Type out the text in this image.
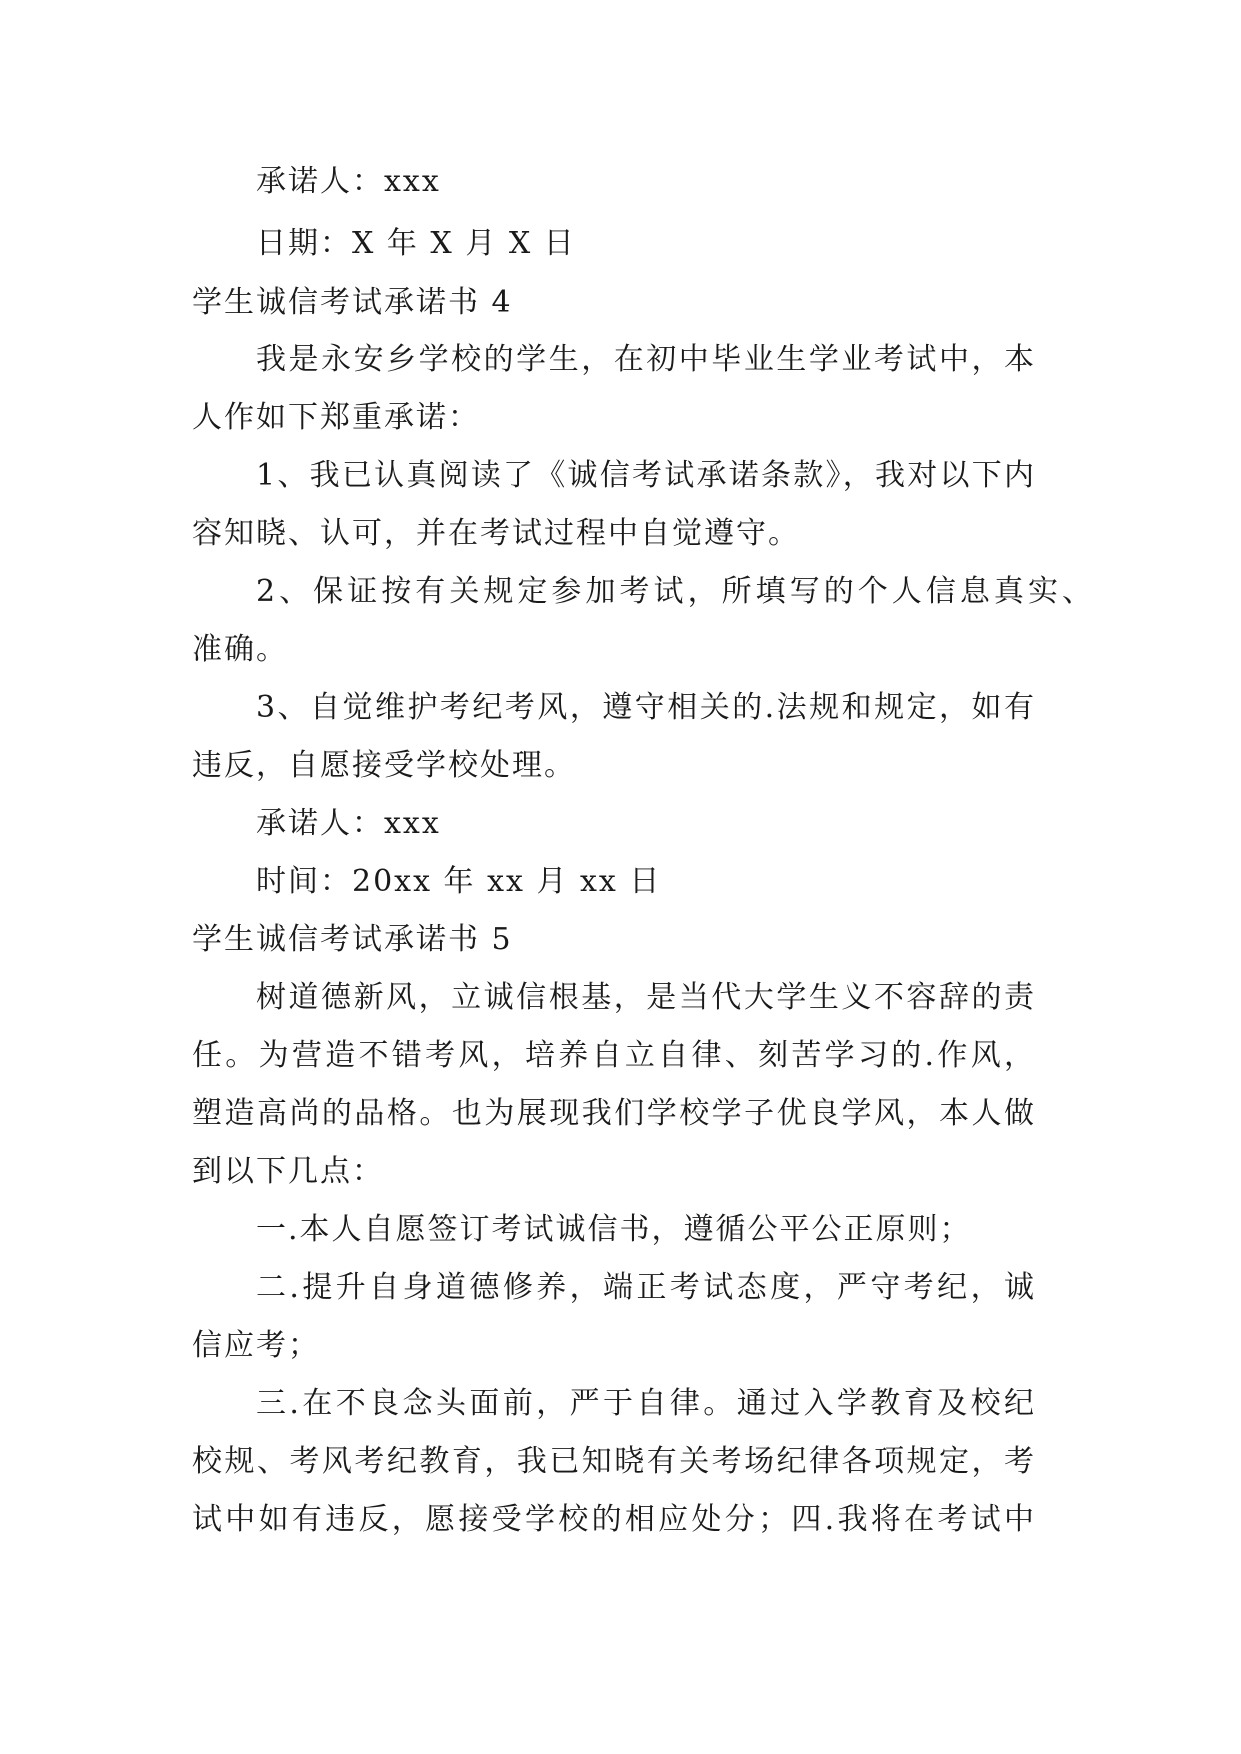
承诺人：xxx

日期：X 年 X 月 X 日

学生诚信考试承诺书 4

我是永安乡学校的学生，在初中毕业生学业考试中，本

人作如下郑重承诺：

1、我已认真阅读了《诚信考试承诺条款》，我对以下内

容知晓、认可，并在考试过程中自觉遵守。

2、保证按有关规定参加考试，所填写的个人信息真实、

准确。

3、自觉维护考纪考风，遵守相关的.法规和规定，如有

违反，自愿接受学校处理。

承诺人：xxx

时间：20xx 年 xx 月 xx 日

学生诚信考试承诺书 5

树道德新风，立诚信根基，是当代大学生义不容辞的责

任。为营造不错考风，培养自立自律、刻苦学习的.作风，

塑造高尚的品格。也为展现我们学校学子优良学风，本人做

到以下几点：

一.本人自愿签订考试诚信书，遵循公平公正原则；

二.提升自身道德修养，端正考试态度，严守考纪，诚

信应考；

三.在不良念头面前，严于自律。通过入学教育及校纪

校规、考风考纪教育，我已知晓有关考场纪律各项规定，考

试中如有违反，愿接受学校的相应处分；四.我将在考试中
